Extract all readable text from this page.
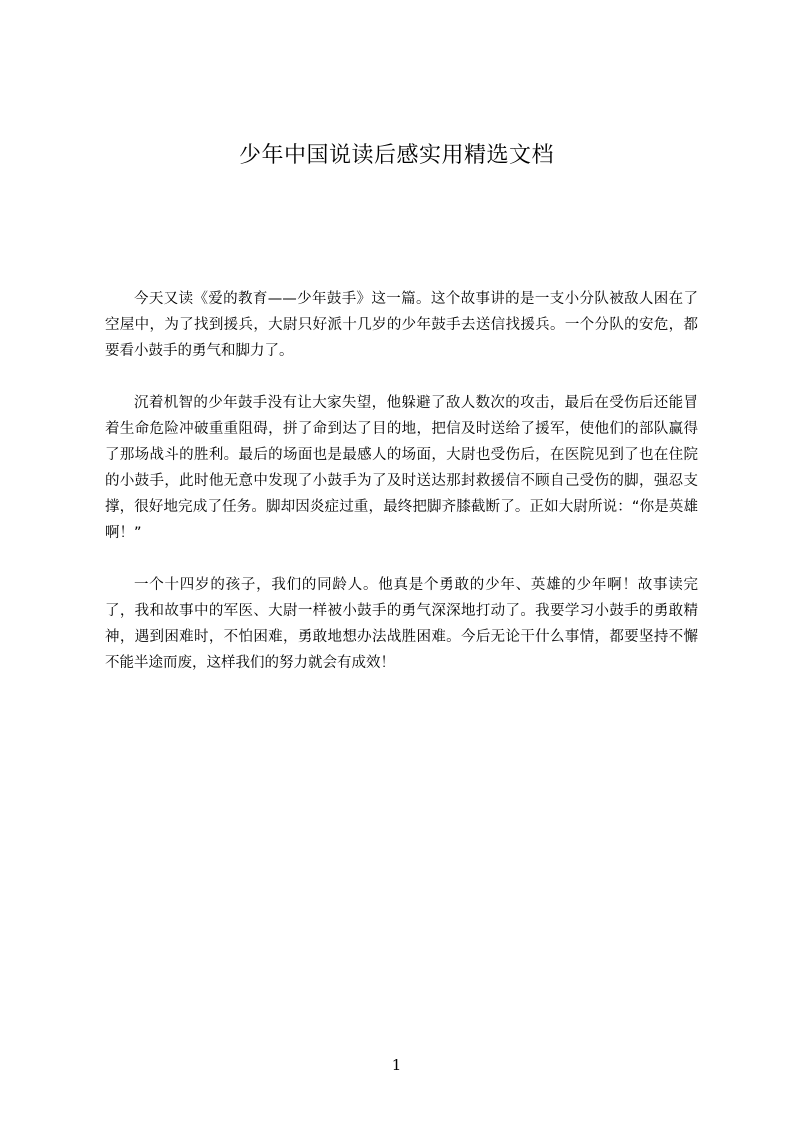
少年中国说读后感实用精选文档

今天又读《爱的教育——少年鼓手》这一篇。这个故事讲的是一支小分队被敌人困在了空屋中，为了找到援兵，大尉只好派十几岁的少年鼓手去送信找援兵。一个分队的安危，都要看小鼓手的勇气和脚力了。

沉着机智的少年鼓手没有让大家失望，他躲避了敌人数次的攻击，最后在受伤后还能冒着生命危险冲破重重阻碍，拼了命到达了目的地，把信及时送给了援军，使他们的部队赢得了那场战斗的胜利。最后的场面也是最感人的场面，大尉也受伤后，在医院见到了也在住院的小鼓手，此时他无意中发现了小鼓手为了及时送达那封救援信不顾自己受伤的脚，强忍支撑，很好地完成了任务。脚却因炎症过重，最终把脚齐膝截断了。正如大尉所说：“你是英雄啊！”

一个十四岁的孩子，我们的同龄人。他真是个勇敢的少年、英雄的少年啊！故事读完了，我和故事中的军医、大尉一样被小鼓手的勇气深深地打动了。我要学习小鼓手的勇敢精神，遇到困难时，不怕困难，勇敢地想办法战胜困难。今后无论干什么事情，都要坚持不懈不能半途而废，这样我们的努力就会有成效！

1
